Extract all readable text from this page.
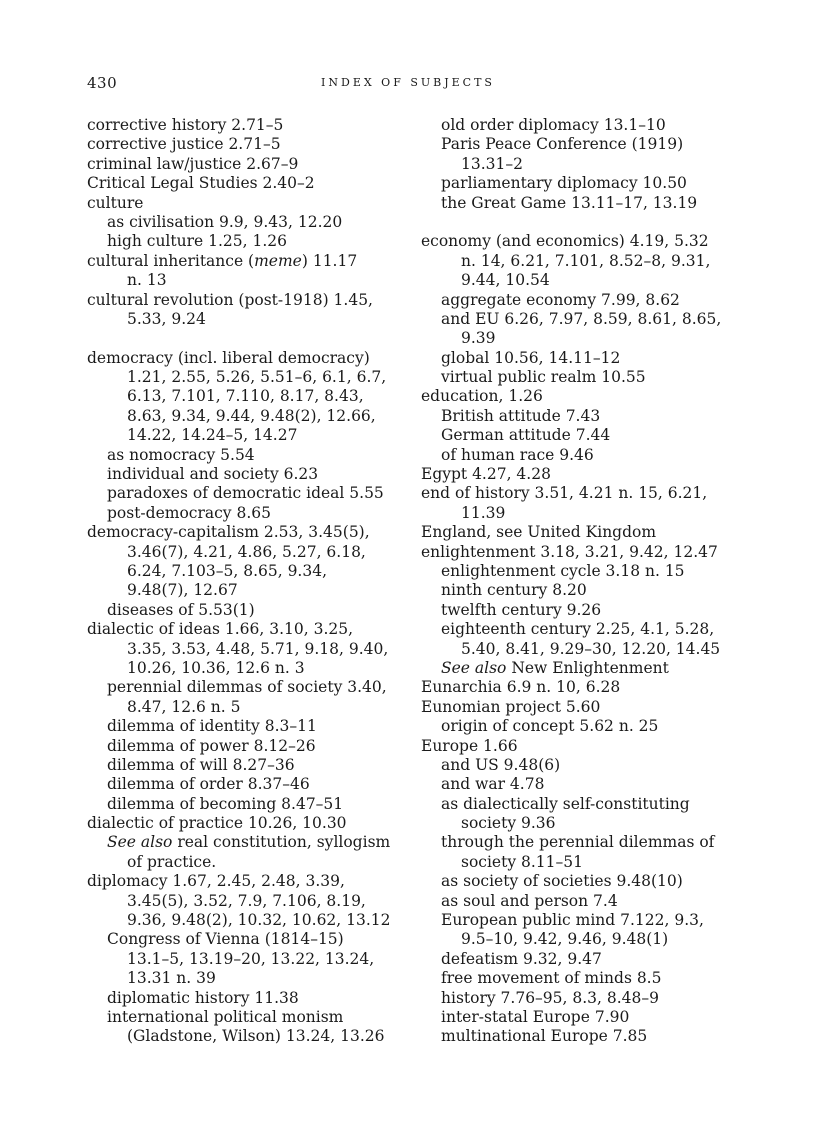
430	INDEX OF SUBJECTS
corrective history 2.71–5
corrective justice 2.71–5
criminal law/justice 2.67–9
Critical Legal Studies 2.40–2
culture
as civilisation 9.9, 9.43, 12.20
high culture 1.25, 1.26
cultural inheritance (meme) 11.17
n. 13
cultural revolution (post-1918) 1.45,
5.33, 9.24
democracy (incl. liberal democracy)
1.21, 2.55, 5.26, 5.51–6, 6.1, 6.7,
6.13, 7.101, 7.110, 8.17, 8.43,
8.63, 9.34, 9.44, 9.48(2), 12.66,
14.22, 14.24–5, 14.27
as nomocracy 5.54
individual and society 6.23
paradoxes of democratic ideal 5.55
post-democracy 8.65
democracy-capitalism 2.53, 3.45(5),
3.46(7), 4.21, 4.86, 5.27, 6.18,
6.24, 7.103–5, 8.65, 9.34,
9.48(7), 12.67
diseases of 5.53(1)
dialectic of ideas 1.66, 3.10, 3.25,
3.35, 3.53, 4.48, 5.71, 9.18, 9.40,
10.26, 10.36, 12.6 n. 3
perennial dilemmas of society 3.40,
8.47, 12.6 n. 5
dilemma of identity 8.3–11
dilemma of power 8.12–26
dilemma of will 8.27–36
dilemma of order 8.37–46
dilemma of becoming 8.47–51
dialectic of practice 10.26, 10.30
See also real constitution, syllogism
of practice.
diplomacy 1.67, 2.45, 2.48, 3.39,
3.45(5), 3.52, 7.9, 7.106, 8.19,
9.36, 9.48(2), 10.32, 10.62, 13.12
Congress of Vienna (1814–15)
13.1–5, 13.19–20, 13.22, 13.24,
13.31 n. 39
diplomatic history 11.38
international political monism
(Gladstone, Wilson) 13.24, 13.26
old order diplomacy 13.1–10
Paris Peace Conference (1919)
13.31–2
parliamentary diplomacy 10.50
the Great Game 13.11–17, 13.19
economy (and economics) 4.19, 5.32
n. 14, 6.21, 7.101, 8.52–8, 9.31,
9.44, 10.54
aggregate economy 7.99, 8.62
and EU 6.26, 7.97, 8.59, 8.61, 8.65,
9.39
global 10.56, 14.11–12
virtual public realm 10.55
education, 1.26
British attitude 7.43
German attitude 7.44
of human race 9.46
Egypt 4.27, 4.28
end of history 3.51, 4.21 n. 15, 6.21,
11.39
England, see United Kingdom
enlightenment 3.18, 3.21, 9.42, 12.47
enlightenment cycle 3.18 n. 15
ninth century 8.20
twelfth century 9.26
eighteenth century 2.25, 4.1, 5.28,
5.40, 8.41, 9.29–30, 12.20, 14.45
See also New Enlightenment
Eunarchia 6.9 n. 10, 6.28
Eunomian project 5.60
origin of concept 5.62 n. 25
Europe 1.66
and US 9.48(6)
and war 4.78
as dialectically self-constituting
society 9.36
through the perennial dilemmas of
society 8.11–51
as society of societies 9.48(10)
as soul and person 7.4
European public mind 7.122, 9.3,
9.5–10, 9.42, 9.46, 9.48(1)
defeatism 9.32, 9.47
free movement of minds 8.5
history 7.76–95, 8.3, 8.48–9
inter-statal Europe 7.90
multinational Europe 7.85
